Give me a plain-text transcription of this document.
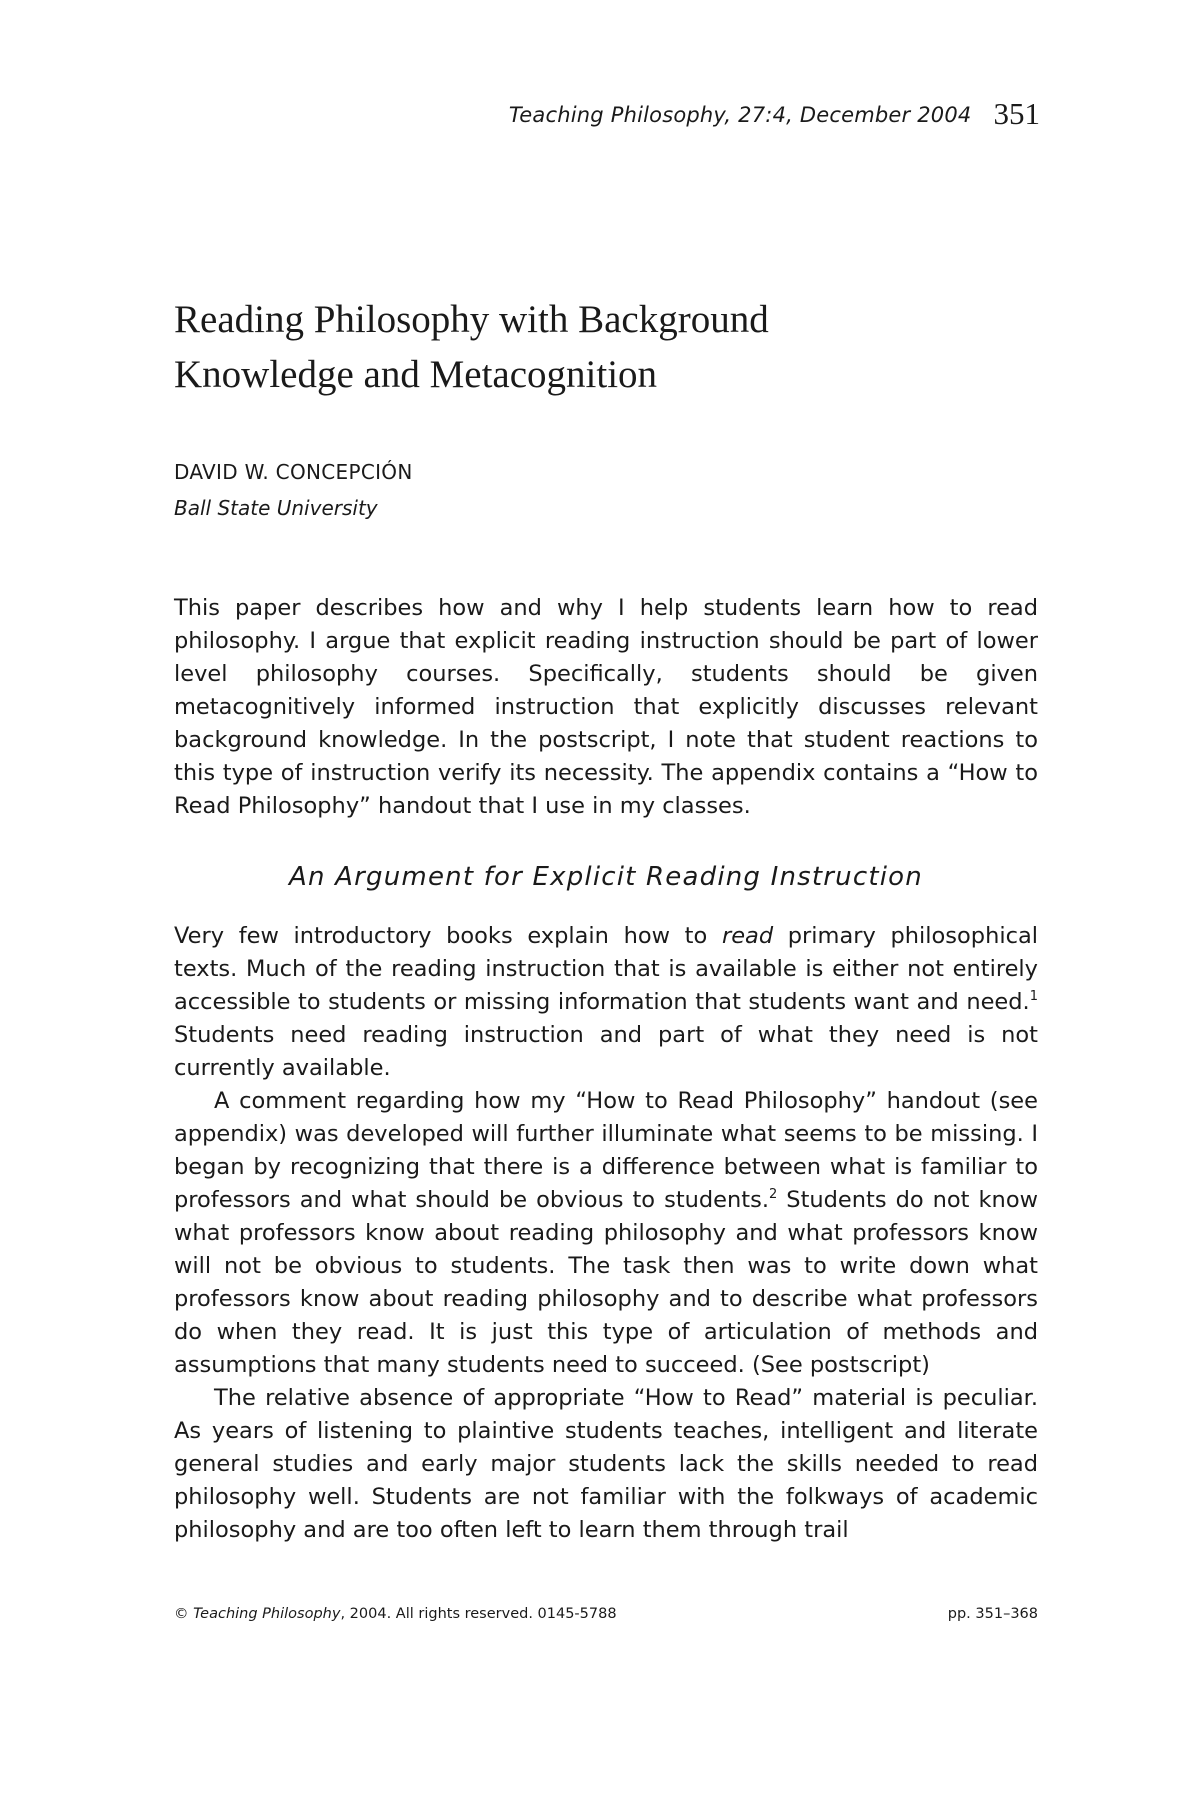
Teaching Philosophy, 27:4, December 2004 351
Reading Philosophy with Background
Knowledge and Metacognition
DAVID W. CONCEPCIÓN
Ball State University

This paper describes how and why I help students learn how to read philosophy. I argue that explicit reading instruction should be part of lower level philosophy courses. Specifically, students should be given metacognitively informed instruction that explicitly discusses relevant background knowledge. In the postscript, I note that student reactions to this type of instruction verify its necessity. The appendix contains a “How to Read Philosophy” handout that I use in my classes.

An Argument for Explicit Reading Instruction

Very few introductory books explain how to read primary philosophical texts. Much of the reading instruction that is available is either not entirely accessible to students or missing information that students want and need.$^1$ Students need reading instruction and part of what they need is not currently available.

A comment regarding how my “How to Read Philosophy” handout (see appendix) was developed will further illuminate what seems to be missing. I began by recognizing that there is a difference between what is familiar to professors and what should be obvious to students.$^2$ Students do not know what professors know about reading philosophy and what professors know will not be obvious to students. The task then was to write down what professors know about reading philosophy and to describe what professors do when they read. It is just this type of articulation of methods and assumptions that many students need to succeed. (See postscript)

The relative absence of appropriate “How to Read” material is peculiar. As years of listening to plaintive students teaches, intelligent and literate general studies and early major students lack the skills needed to read philosophy well. Students are not familiar with the folkways of academic philosophy and are too often left to learn them through trail

© Teaching Philosophy, 2004. All rights reserved. 0145-5788	pp. 351–368
